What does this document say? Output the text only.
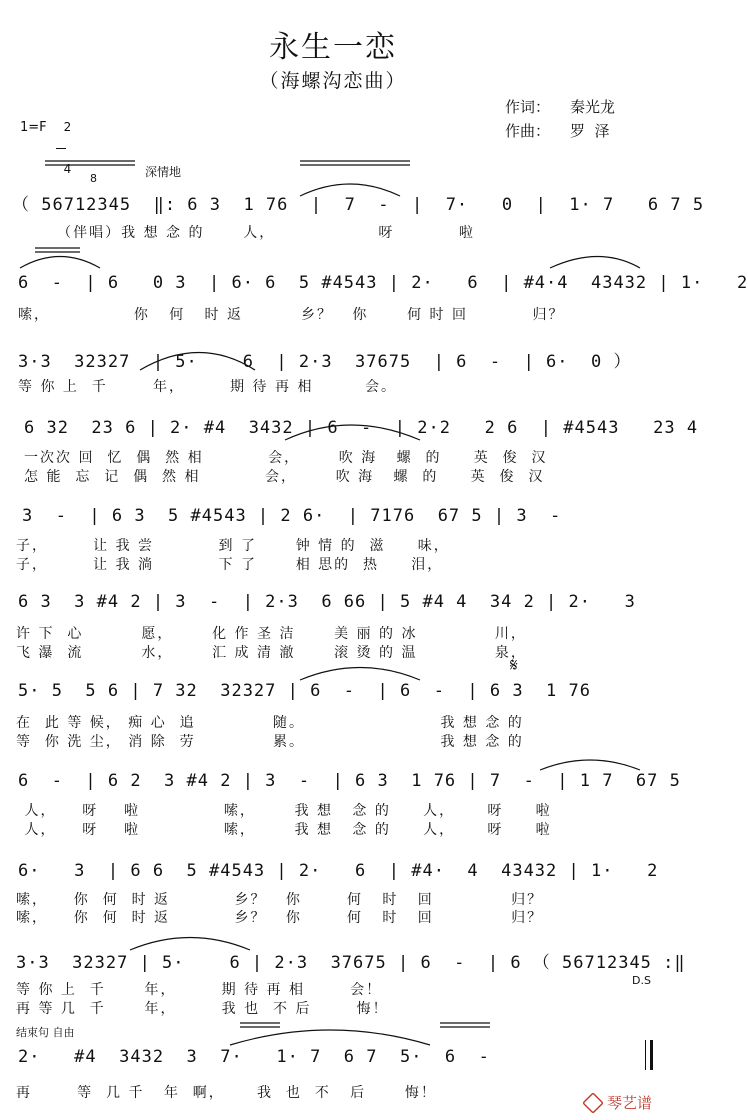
永生一恋
（海螺沟恋曲）
作词： 秦光龙
作曲： 罗  泽
1=F	2

4	深情地
8
（ 56712345  ‖: 6 3  1 76  |  7  -  |  7·   0  |  1· 7   6 7 5
（伴唱）我 想 念 的      人，                呀          啦
6  -  | 6   0 3  | 6· 6  5 #4543 | 2·   6  | #4·4  43432 | 1·   2
嗦，             你   何   时 返         乡？   你      何 时 回          归？
3·3  32327  | 5·    6  | 2·3  37675  | 6  -  | 6·  0 ）
等 你 上  千       年，       期 待 再 相        会。
6 32  23 6 | 2· #4  3432 | 6  -  | 2·2   2 6  | #4543   23 4
一次次 回  忆  偶  然 相          会，      吹 海   螺  的     英  俊  汉
怎 能  忘  记  偶  然 相          会，      吹 海   螺  的     英  俊  汉
3  -  | 6 3  5 #4543 | 2 6·  | 7176  67 5 | 3  -
子，       让 我 尝          到 了      钟 情 的  滋     味，
子，       让 我 淌          下 了      相 思的  热     泪，
6 3  3 #4 2 | 3  -  | 2·3  6 66 | 5 #4 4  34 2 | 2·   3
许 下  心         愿，      化 作 圣 洁      美 丽 的 冰            川，
飞 瀑  流         水，      汇 成 清 澈      滚 烫 的 温            泉，
𝄋
5· 5  5 6 | 7 32  32327 | 6  -  | 6  -  | 6 3  1 76
在  此 等 候， 痴 心  追            随。                     我 想 念 的
等  你 洗 尘， 消 除  劳            累。                     我 想 念 的
6  -  | 6 2  3 #4 2 | 3  -  | 6 3  1 76 | 7  -  | 1 7  67 5
人，    呀    啦             嗦，      我 想   念 的     人，     呀     啦
人，    呀    啦             嗦，      我 想   念 的     人，     呀     啦
6·   3  | 6 6  5 #4543 | 2·   6  | #4·  4  43432 | 1·   2
嗦，    你  何  时 返          乡？   你       何   时   回            归？
嗦，    你  何  时 返          乡？   你       何   时   回            归？
3·3  32327 | 5·    6 | 2·3  37675 | 6  -  | 6 （ 56712345 :‖
D.S
等 你 上  千      年，       期 待 再 相       会！
再 等 几  千      年，       我 也  不 后       悔！
结束句 自由
2·   #4  3432  3  7·   1· 7  6 7  5·  6  -
再       等  几 千   年  啊，     我  也  不   后      悔！

琴艺谱
